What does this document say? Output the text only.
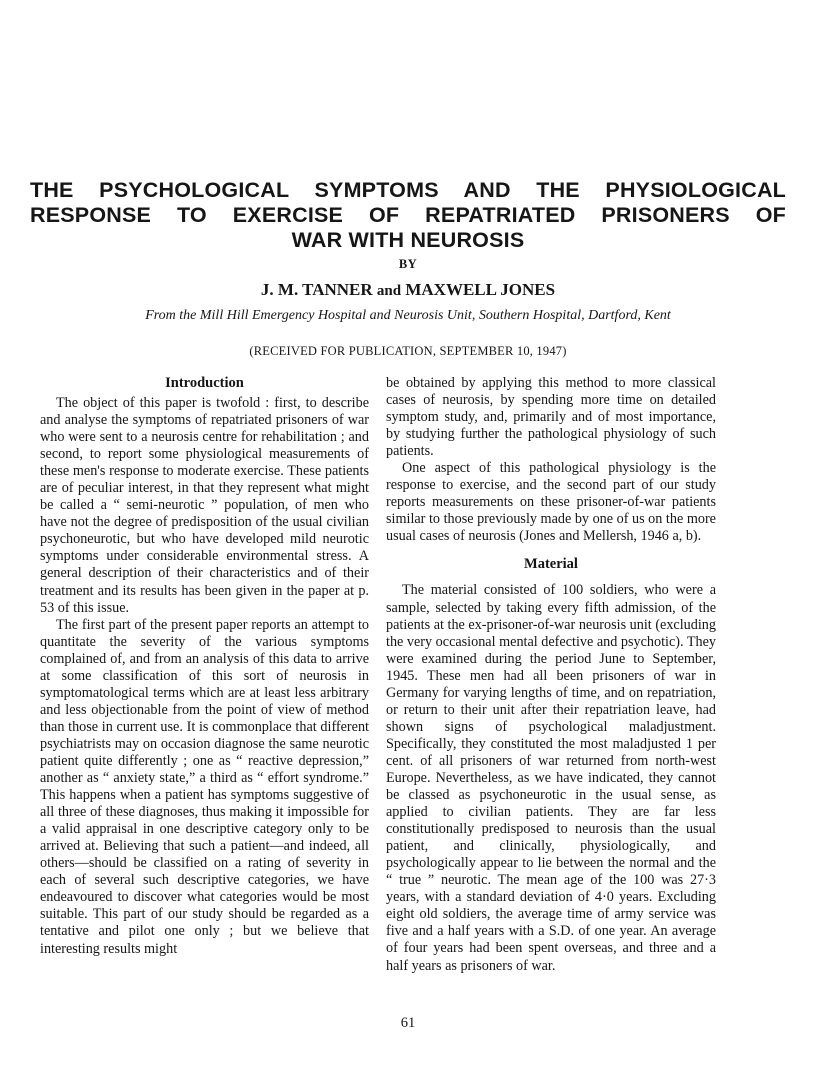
THE PSYCHOLOGICAL SYMPTOMS AND THE PHYSIOLOGICAL
RESPONSE TO EXERCISE OF REPATRIATED PRISONERS OF
WAR WITH NEUROSIS
BY
J. M. TANNER and MAXWELL JONES
From the Mill Hill Emergency Hospital and Neurosis Unit, Southern Hospital, Dartford, Kent
(RECEIVED FOR PUBLICATION, SEPTEMBER 10, 1947)
Introduction

The object of this paper is twofold : first, to describe and analyse the symptoms of repatriated prisoners of war who were sent to a neurosis centre for rehabilitation ; and second, to report some physiological measurements of these men's response to moderate exercise. These patients are of peculiar interest, in that they represent what might be called a “ semi-neurotic ” population, of men who have not the degree of predisposition of the usual civilian psychoneurotic, but who have developed mild neurotic symptoms under considerable environmental stress. A general description of their characteristics and of their treatment and its results has been given in the paper at p. 53 of this issue.

The first part of the present paper reports an attempt to quantitate the severity of the various symptoms complained of, and from an analysis of this data to arrive at some classification of this sort of neurosis in symptomatological terms which are at least less arbitrary and less objectionable from the point of view of method than those in current use. It is commonplace that different psychiatrists may on occasion diagnose the same neurotic patient quite differently ; one as “ reactive depression,” another as “ anxiety state,” a third as “ effort syndrome.” This happens when a patient has symptoms suggestive of all three of these diagnoses, thus making it impossible for a valid appraisal in one descriptive category only to be arrived at. Believing that such a patient—and indeed, all others—should be classified on a rating of severity in each of several such descriptive categories, we have endeavoured to discover what categories would be most suitable. This part of our study should be regarded as a tentative and pilot one only ; but we believe that interesting results might

be obtained by applying this method to more classical cases of neurosis, by spending more time on detailed symptom study, and, primarily and of most importance, by studying further the pathological physiology of such patients.

One aspect of this pathological physiology is the response to exercise, and the second part of our study reports measurements on these prisoner-of-war patients similar to those previously made by one of us on the more usual cases of neurosis (Jones and Mellersh, 1946 a, b).

Material

The material consisted of 100 soldiers, who were a sample, selected by taking every fifth admission, of the patients at the ex-prisoner-of-war neurosis unit (excluding the very occasional mental defective and psychotic). They were examined during the period June to September, 1945. These men had all been prisoners of war in Germany for varying lengths of time, and on repatriation, or return to their unit after their repatriation leave, had shown signs of psychological maladjustment. Specifically, they constituted the most maladjusted 1 per cent. of all prisoners of war returned from north-west Europe. Nevertheless, as we have indicated, they cannot be classed as psychoneurotic in the usual sense, as applied to civilian patients. They are far less constitutionally predisposed to neurosis than the usual patient, and clinically, physiologically, and psychologically appear to lie between the normal and the “ true ” neurotic. The mean age of the 100 was 27·3 years, with a standard deviation of 4·0 years. Excluding eight old soldiers, the average time of army service was five and a half years with a S.D. of one year. An average of four years had been spent overseas, and three and a half years as prisoners of war.

61
